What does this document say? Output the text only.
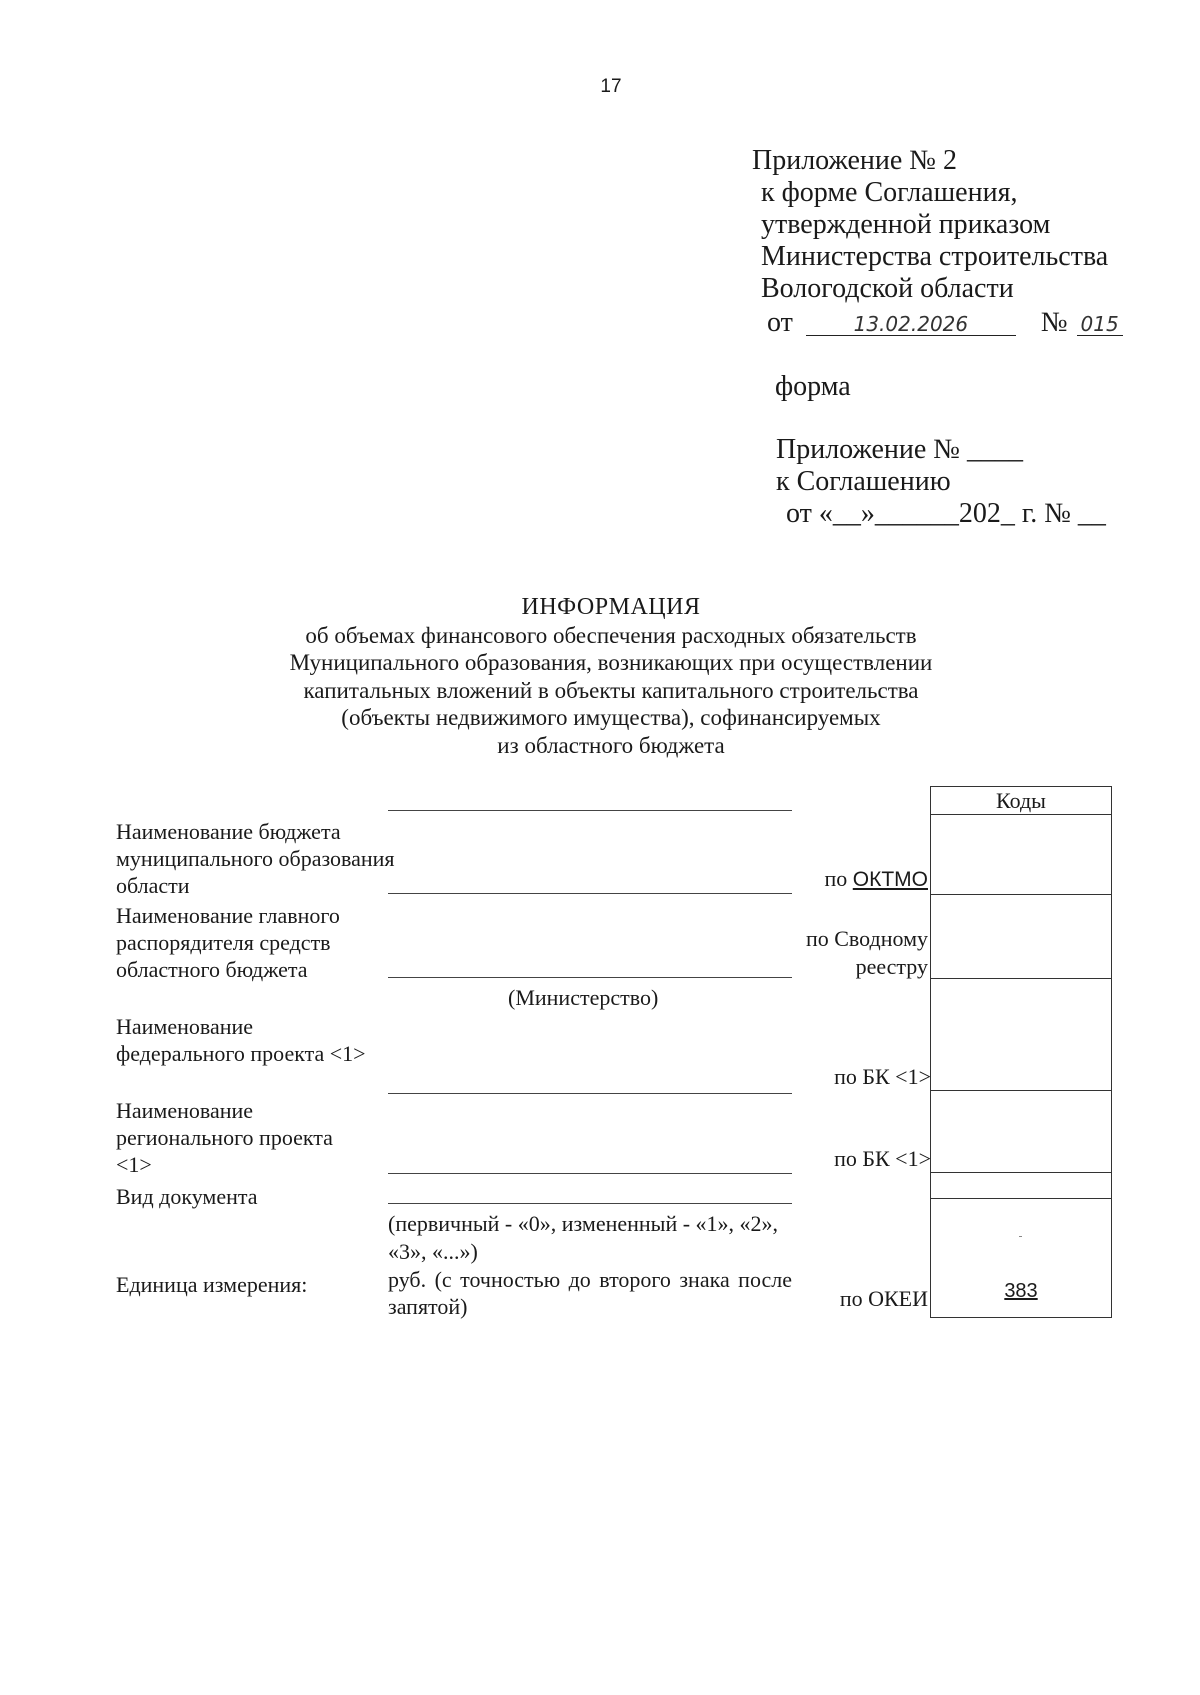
17
Приложение № 2
к форме Соглашения,
утвержденной приказом
Министерства строительства
Вологодской области
от	13.02.2026	№ 015
форма
Приложение № ____
к Соглашению
от «__»______202_ г. № __
ИНФОРМАЦИЯ
об объемах финансового обеспечения расходных обязательств
Муниципального образования, возникающих при осуществлении
капитальных вложений в объекты капитального строительства
(объекты недвижимого имущества), софинансируемых
из областного бюджета
Наименование бюджета муниципального образования области
Наименование главного распорядителя средств областного бюджета
Наименование федерального проекта <1>
Наименование регионального проекта <1>
Вид документа
Единица измерения:
(Министерство)
(первичный - «0», измененный - «1», «2», «3», «...»)
руб. (с точностью до второго знака после запятой)
по ОКТМО
по Сводному
реестру
по БК <1>
по БК <1>
по ОКЕИ
Коды
383
